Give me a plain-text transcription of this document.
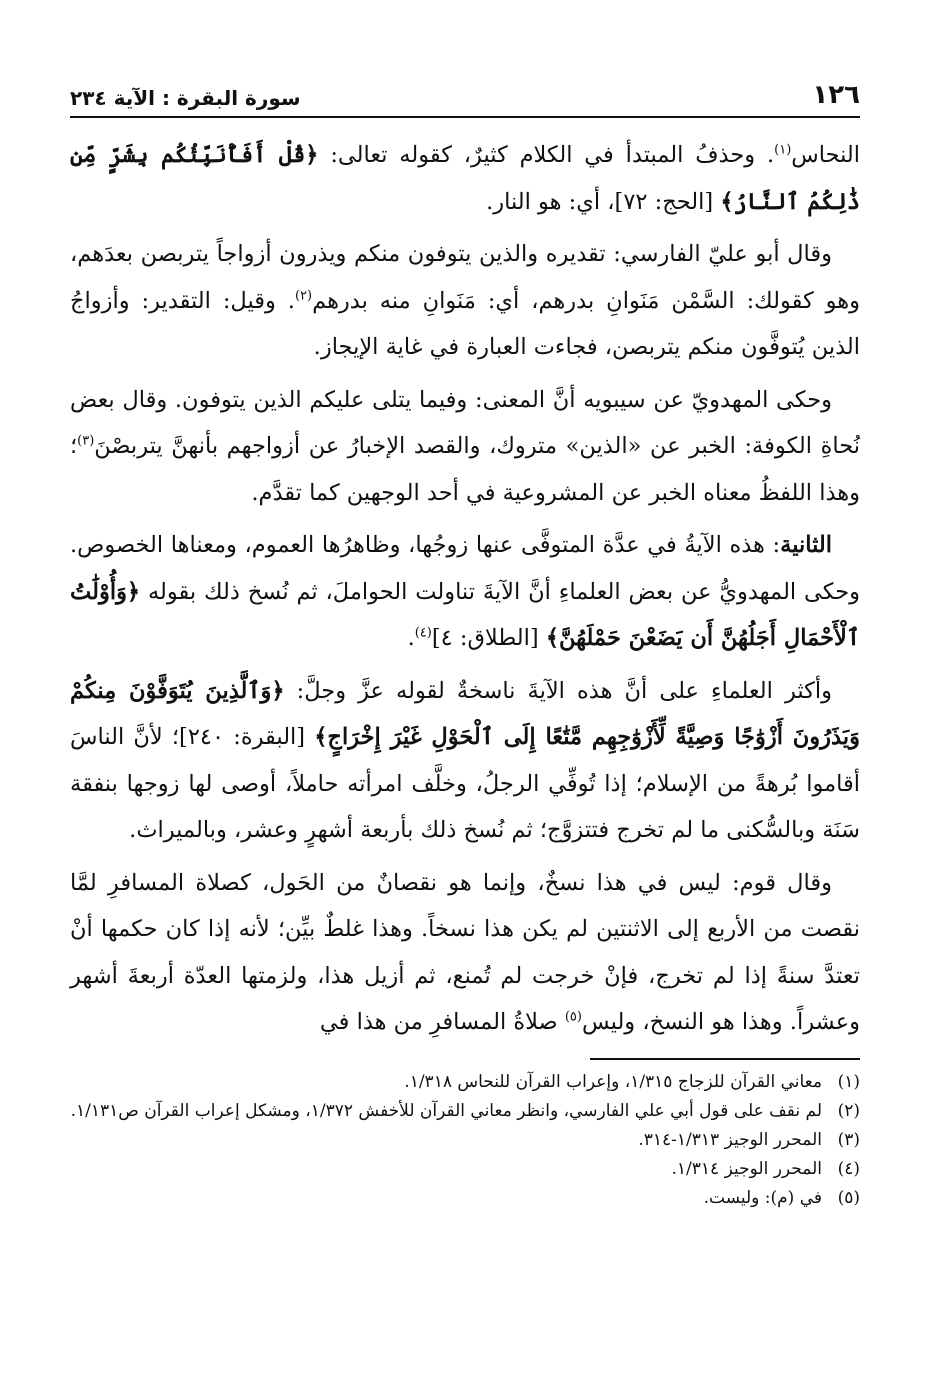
١٢٦
سورة البقرة : الآية ٢٣٤

النحاس$^{(١)}$. وحذفُ المبتدأ في الكلام كثيرٌ، كقوله تعالى: ﴿قُلْ أَفَأُنَبِّئُكُم بِشَرٍّ مِّن ذَٰلِكُمُ ٱلنَّارُ﴾ [الحج: ٧٢]، أي: هو النار.

وقال أبو عليّ الفارسي: تقديره والذين يتوفون منكم ويذرون أزواجاً يتربصن بعدَهم، وهو كقولك: السَّمْن مَنَوانِ بدرهم، أي: مَنَوانِ منه بدرهم$^{(٢)}$. وقيل: التقدير: وأزواجُ الذين يُتوفَّون منكم يتربصن، فجاءت العبارة في غاية الإيجاز.

وحكى المهدويّ عن سيبويه أنَّ المعنى: وفيما يتلى عليكم الذين يتوفون. وقال بعض نُحاةِ الكوفة: الخبر عن «الذين» متروك، والقصد الإخبارُ عن أزواجهم بأنهنَّ يتربصْنَ$^{(٣)}$؛ وهذا اللفظُ معناه الخبر عن المشروعية في أحد الوجهين كما تقدَّم.

الثانية: هذه الآيةُ في عدَّة المتوفَّى عنها زوجُها، وظاهرُها العموم، ومعناها الخصوص. وحكى المهدويُّ عن بعض العلماءِ أنَّ الآيةَ تناولت الحواملَ، ثم نُسخ ذلك بقوله ﴿وَأُوْلَٰتُ ٱلْأَحْمَالِ أَجَلُهُنَّ أَن يَضَعْنَ حَمْلَهُنَّ﴾ [الطلاق: ٤]$^{(٤)}$.

وأكثر العلماءِ على أنَّ هذه الآيةَ ناسخةٌ لقوله عزَّ وجلَّ: ﴿وَٱلَّذِينَ يُتَوَفَّوْنَ مِنكُمْ وَيَذَرُونَ أَزْوَٰجًا وَصِيَّةً لِّأَزْوَٰجِهِم مَّتَٰعًا إِلَى ٱلْحَوْلِ غَيْرَ إِخْرَاجٍ﴾ [البقرة: ٢٤٠]؛ لأنَّ الناسَ أقاموا بُرهةً من الإسلام؛ إذا تُوفِّي الرجلُ، وخلَّف امرأته حاملاً، أوصى لها زوجها بنفقة سَنَة وبالسُّكنى ما لم تخرج فتتزوَّج؛ ثم نُسخ ذلك بأربعة أشهرٍ وعشر، وبالميراث.

وقال قوم: ليس في هذا نسخٌ، وإنما هو نقصانٌ من الحَول، كصلاة المسافرِ لمَّا نقصت من الأربع إلى الاثنتين لم يكن هذا نسخاً. وهذا غلطٌ بيِّن؛ لأنه إذا كان حكمها أنْ تعتدَّ سنةً إذا لم تخرج، فإنْ خرجت لم تُمنع، ثم أزيل هذا، ولزمتها العدّة أربعةَ أشهر وعشراً. وهذا هو النسخ، وليس$^{(٥)}$ صلاةُ المسافرِ من هذا في

(١)
معاني القرآن للزجاج ١/٣١٥، وإعراب القرآن للنحاس ١/٣١٨.
(٢)
لم نقف على قول أبي علي الفارسي، وانظر معاني القرآن للأخفش ١/٣٧٢، ومشكل إعراب القرآن ص١/١٣١.
(٣)
المحرر الوجيز ١/٣١٣-٣١٤.
(٤)
المحرر الوجيز ١/٣١٤.
(٥)
في (م): وليست.
